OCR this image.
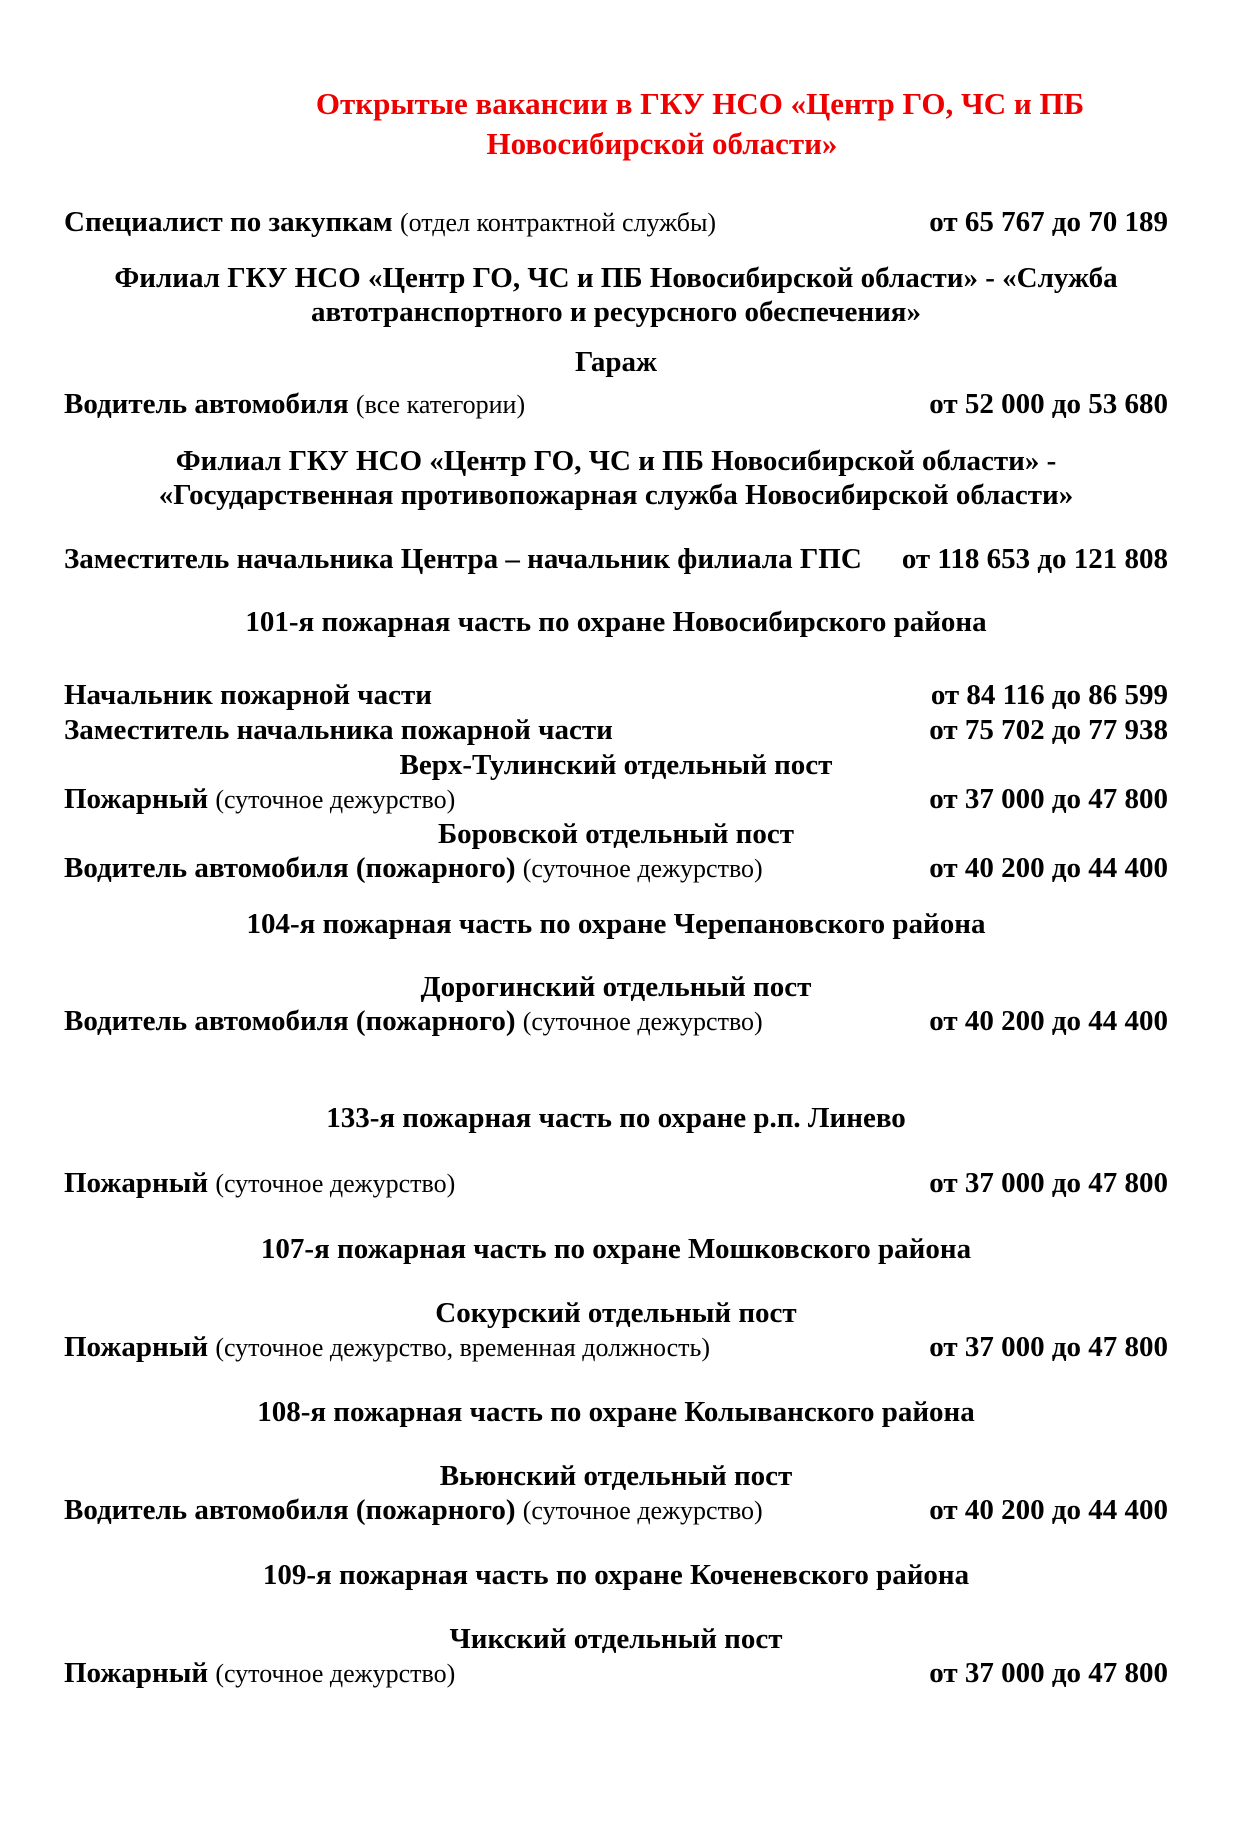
Открытые вакансии в ГКУ НСО «Центр ГО, ЧС и ПБ
Новосибирской области»
Специалист по закупкам (отдел контрактной службы)	от 65 767 до 70 189
Филиал ГКУ НСО «Центр ГО, ЧС и ПБ Новосибирской области» - «Служба
автотранспортного и ресурсного обеспечения»
Гараж
Водитель автомобиля (все категории)	от 52 000 до 53 680
Филиал ГКУ НСО «Центр ГО, ЧС и ПБ Новосибирской области» -
«Государственная противопожарная служба Новосибирской области»
Заместитель начальника Центра – начальник филиала ГПС от 118 653 до 121 808
101-я пожарная часть по охране Новосибирского района
Начальник пожарной части	от 84 116 до 86 599
Заместитель начальника пожарной части	от 75 702 до 77 938
Верх-Тулинский отдельный пост
Пожарный (суточное дежурство)	от 37 000 до 47 800
Боровской отдельный пост
Водитель автомобиля (пожарного) (суточное дежурство)	от 40 200 до 44 400
104-я пожарная часть по охране Черепановского района
Дорогинский отдельный пост
Водитель автомобиля (пожарного) (суточное дежурство)	от 40 200 до 44 400
133-я пожарная часть по охране р.п. Линево
Пожарный (суточное дежурство)	от 37 000 до 47 800
107-я пожарная часть по охране Мошковского района
Сокурский отдельный пост
Пожарный (суточное дежурство, временная должность)	от 37 000 до 47 800
108-я пожарная часть по охране Колыванского района
Вьюнский отдельный пост
Водитель автомобиля (пожарного) (суточное дежурство)	от 40 200 до 44 400
109-я пожарная часть по охране Коченевского района
Чикский отдельный пост
Пожарный (суточное дежурство)	от 37 000 до 47 800
